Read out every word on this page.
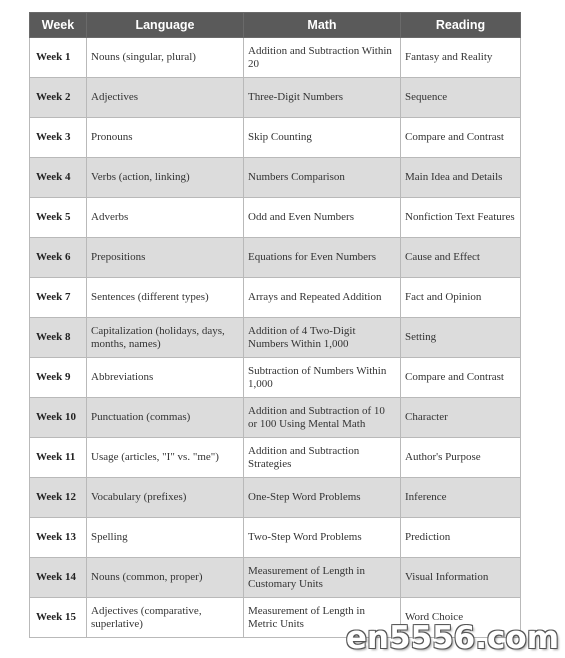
Week	Language	Math	Reading
Week 1	Nouns (singular, plural)	Addition and Subtraction Within 20	Fantasy and Reality
Week 2	Adjectives	Three-Digit Numbers	Sequence
Week 3	Pronouns	Skip Counting	Compare and Contrast
Week 4	Verbs (action, linking)	Numbers Comparison	Main Idea and Details
Week 5	Adverbs	Odd and Even Numbers	Nonfiction Text Features
Week 6	Prepositions	Equations for Even Numbers	Cause and Effect
Week 7	Sentences (different types)	Arrays and Repeated Addition	Fact and Opinion
Week 8	Capitalization (holidays, days, months, names)	Addition of 4 Two-Digit Numbers Within 1,000	Setting
Week 9	Abbreviations	Subtraction of Numbers Within 1,000	Compare and Contrast
Week 10	Punctuation (commas)	Addition and Subtraction of 10 or 100 Using Mental Math	Character
Week 11	Usage (articles, "I" vs. "me")	Addition and Subtraction Strategies	Author's Purpose
Week 12	Vocabulary (prefixes)	One-Step Word Problems	Inference
Week 13	Spelling	Two-Step Word Problems	Prediction
Week 14	Nouns (common, proper)	Measurement of Length in Customary Units	Visual Information
Week 15	Adjectives (comparative, superlative)	Measurement of Length in Metric Units	Word Choice
en5556.com
